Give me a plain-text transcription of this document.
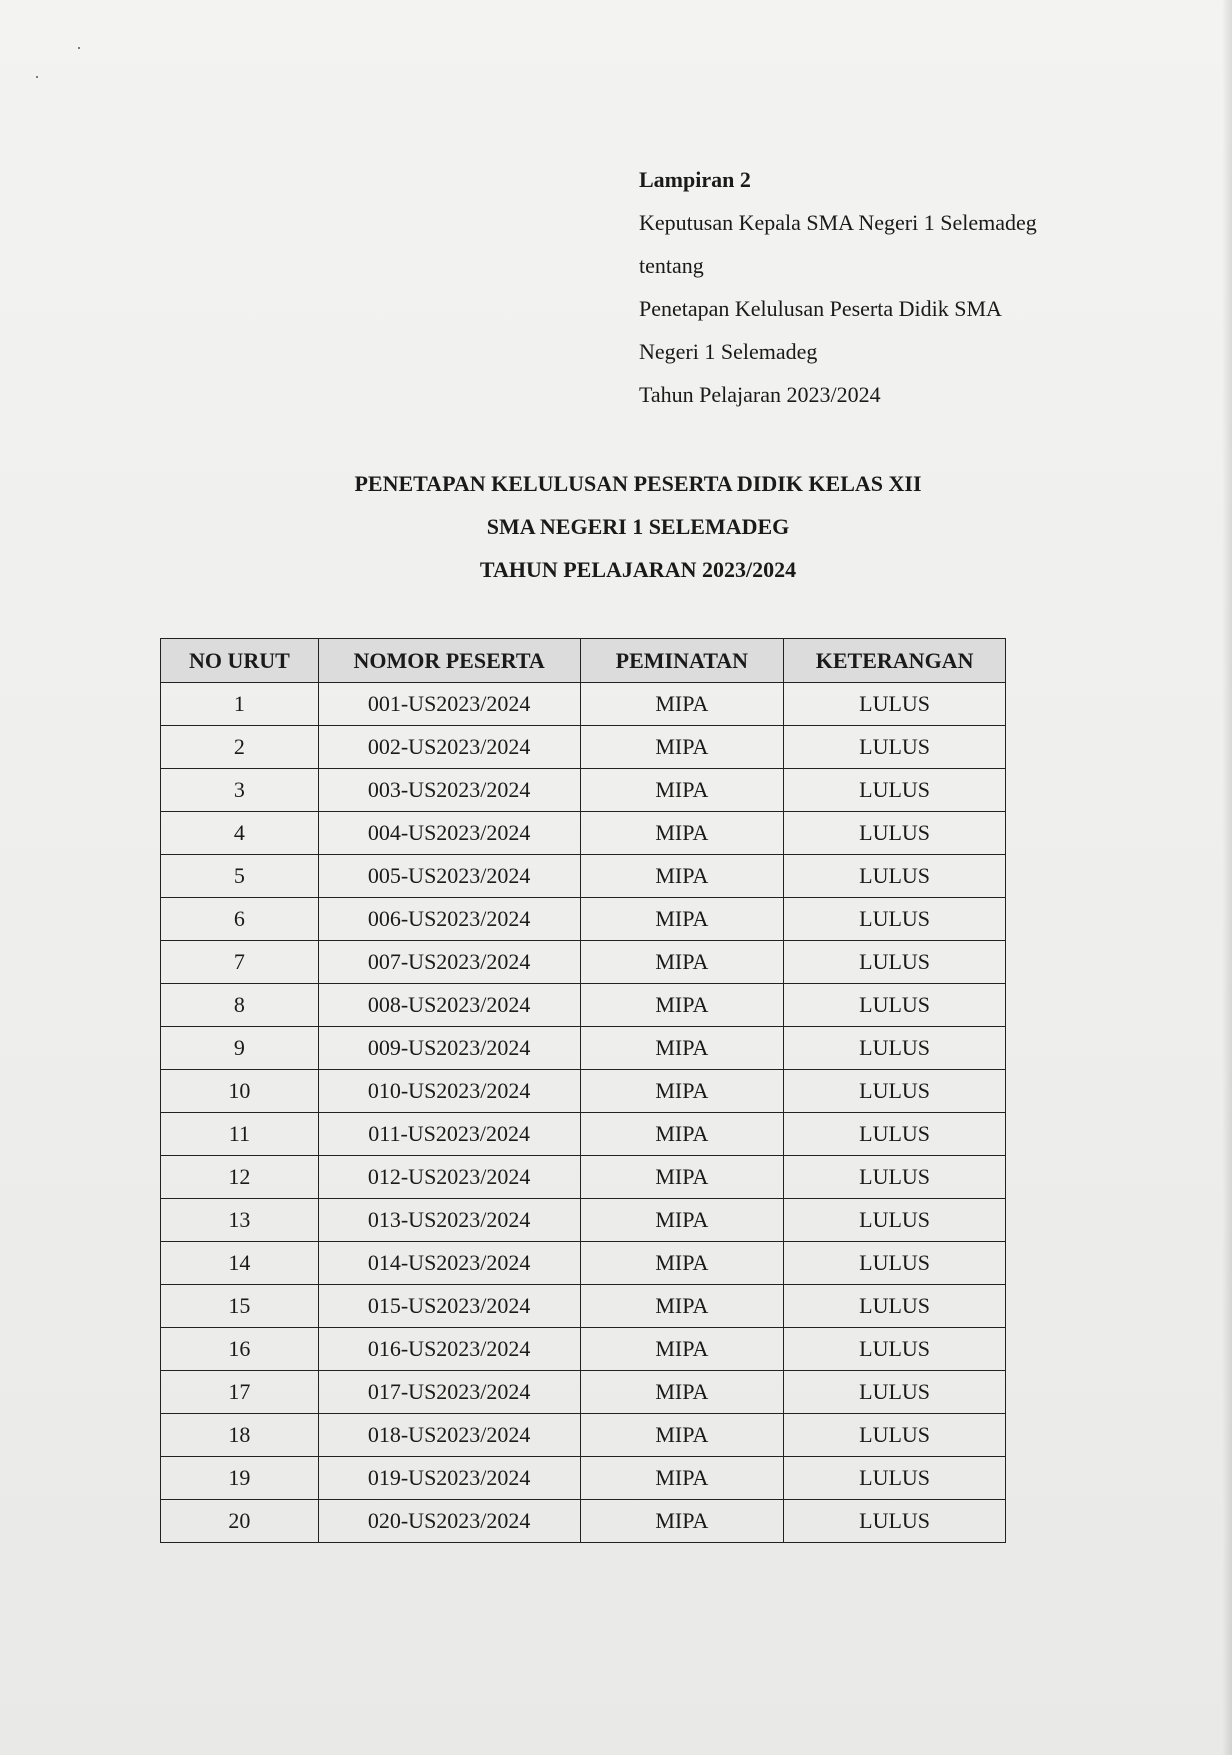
Lampiran 2
Keputusan Kepala SMA Negeri 1 Selemadeg
tentang
Penetapan Kelulusan Peserta Didik SMA
Negeri 1 Selemadeg
Tahun Pelajaran 2023/2024
PENETAPAN KELULUSAN PESERTA DIDIK KELAS XII
SMA NEGERI 1 SELEMADEG
TAHUN PELAJARAN 2023/2024
NO URUT	NOMOR PESERTA	PEMINATAN	KETERANGAN
1	001-US2023/2024	MIPA	LULUS
2	002-US2023/2024	MIPA	LULUS
3	003-US2023/2024	MIPA	LULUS
4	004-US2023/2024	MIPA	LULUS
5	005-US2023/2024	MIPA	LULUS
6	006-US2023/2024	MIPA	LULUS
7	007-US2023/2024	MIPA	LULUS
8	008-US2023/2024	MIPA	LULUS
9	009-US2023/2024	MIPA	LULUS
10	010-US2023/2024	MIPA	LULUS
11	011-US2023/2024	MIPA	LULUS
12	012-US2023/2024	MIPA	LULUS
13	013-US2023/2024	MIPA	LULUS
14	014-US2023/2024	MIPA	LULUS
15	015-US2023/2024	MIPA	LULUS
16	016-US2023/2024	MIPA	LULUS
17	017-US2023/2024	MIPA	LULUS
18	018-US2023/2024	MIPA	LULUS
19	019-US2023/2024	MIPA	LULUS
20	020-US2023/2024	MIPA	LULUS
